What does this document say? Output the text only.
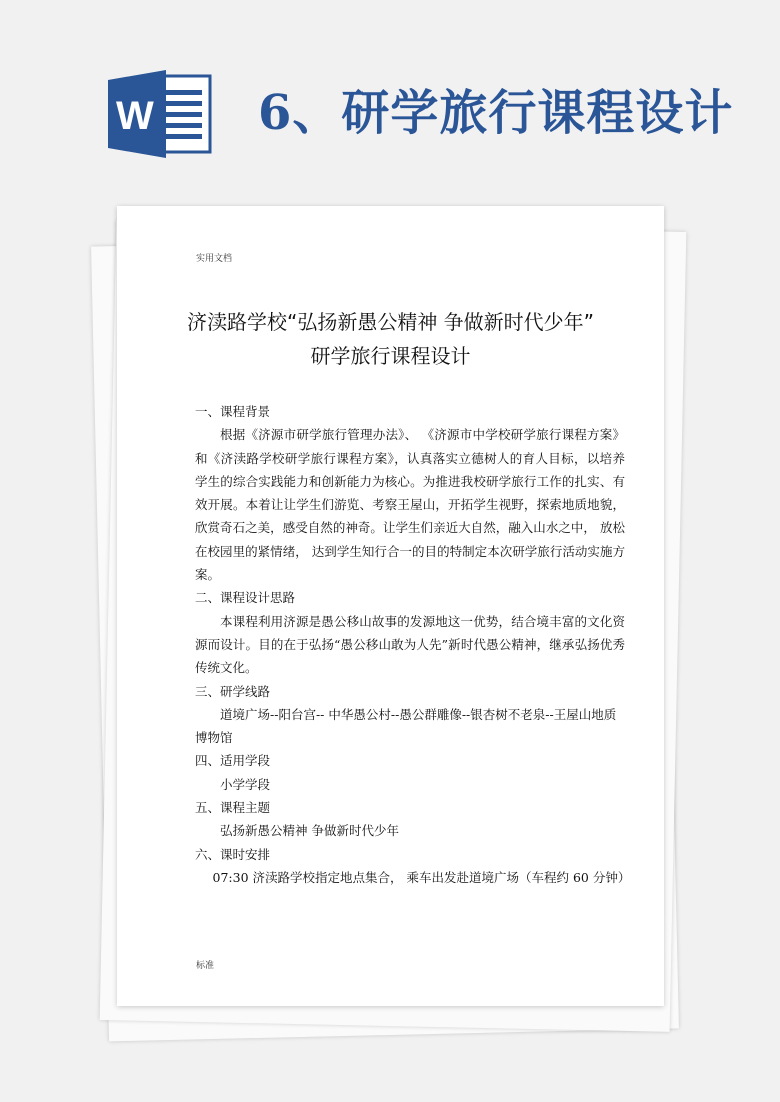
W 6、研学旅行课程设计
实用文档
济渎路学校“弘扬新愚公精神 争做新时代少年”
研学旅行课程设计

一、课程背景

根据《济源市研学旅行管理办法》、 《济源市中学校研学旅行课程方案》和《济渎路学校研学旅行课程方案》，认真落实立德树人的育人目标，以培养学生的综合实践能力和创新能力为核心。为推进我校研学旅行工作的扎实、有效开展。本着让让学生们游览、考察王屋山，开拓学生视野，探索地质地貌，欣赏奇石之美，感受自然的神奇。让学生们亲近大自然，融入山水之中， 放松在校园里的紧情绪， 达到学生知行合一的目的特制定本次研学旅行活动实施方案。

二、课程设计思路

本课程利用济源是愚公移山故事的发源地这一优势，结合境丰富的文化资源而设计。目的在于弘扬“愚公移山敢为人先”新时代愚公精神，继承弘扬优秀传统文化。

三、研学线路

道境广场--阳台宫-- 中华愚公村--愚公群雕像--银杏树不老泉--王屋山地质博物馆

四、适用学段

小学学段

五、课程主题

弘扬新愚公精神 争做新时代少年

六、课时安排

07:30 济渎路学校指定地点集合， 乘车出发赴道境广场（车程约 60 分钟）

标准
